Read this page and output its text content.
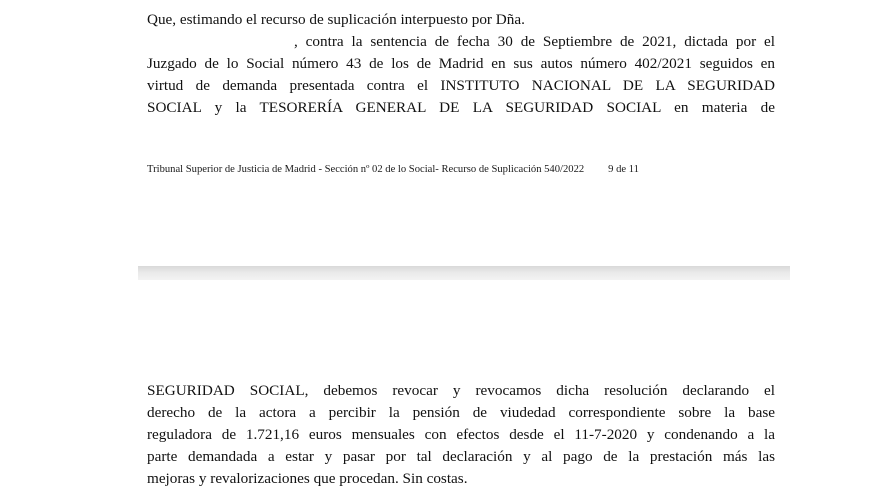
Que, estimando el recurso de suplicación interpuesto por Dña.
, contra la sentencia de fecha 30 de Septiembre de 2021, dictada por el
Juzgado de lo Social número 43 de los de Madrid en sus autos número 402/2021 seguidos en
virtud de demanda presentada contra el INSTITUTO NACIONAL DE LA SEGURIDAD
SOCIAL y la TESORERÍA GENERAL DE LA SEGURIDAD SOCIAL en materia de
Tribunal Superior de Justicia de Madrid - Sección nº 02 de lo Social- Recurso de Suplicación 540/2022 9 de 11
SEGURIDAD SOCIAL, debemos revocar y revocamos dicha resolución declarando el
derecho de la actora a percibir la pensión de viudedad correspondiente sobre la base
reguladora de 1.721,16 euros mensuales con efectos desde el 11-7-2020 y condenando a la
parte demandada a estar y pasar por tal declaración y al pago de la prestación más las
mejoras y revalorizaciones que procedan. Sin costas.
